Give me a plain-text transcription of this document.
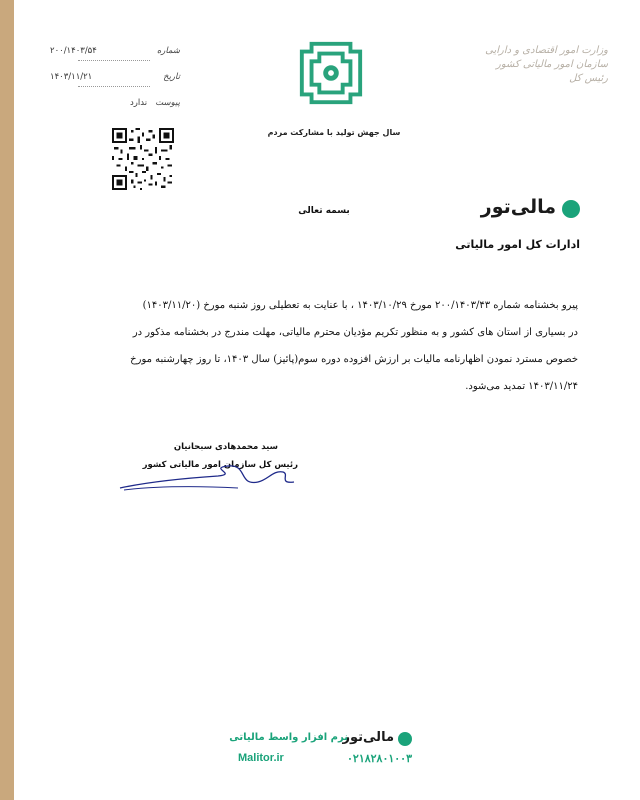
شماره
۲۰۰/۱۴۰۳/۵۴
تاریخ
۱۴۰۳/۱۱/۲۱
پیوست
ندارد
سال جهش تولید با مشارکت مردم
وزارت امور اقتصادی و دارایی
سازمان امور مالیاتی کشور
رئیس کل
بسمه تعالی	مالی‌تور
ادارات کل امور مالیاتی
پیرو بخشنامه شماره ۲۰۰/۱۴۰۳/۴۳ مورخ ۱۴۰۳/۱۰/۲۹ ، با عنایت به تعطیلی روز شنبه مورخ (۱۴۰۳/۱۱/۲۰)
در بسیاری از استان های کشور و به منظور تکریم مؤدیان محترم مالیاتی، مهلت مندرج در بخشنامه مذکور در
خصوص مسترد نمودن اظهارنامه مالیات بر ارزش افزوده دوره سوم(پائیز) سال ۱۴۰۳، تا روز چهارشنبه مورخ
۱۴۰۳/۱۱/۲۴ تمدید می‌شود.
سید محمدهادی سبحانیان
رئیس کل سازمان امور مالیاتی کشور
مالی‌تور
نرم افزار واسط مالیاتی
Malitor.ir	۰۲۱۸۲۸۰۱۰۰۳
